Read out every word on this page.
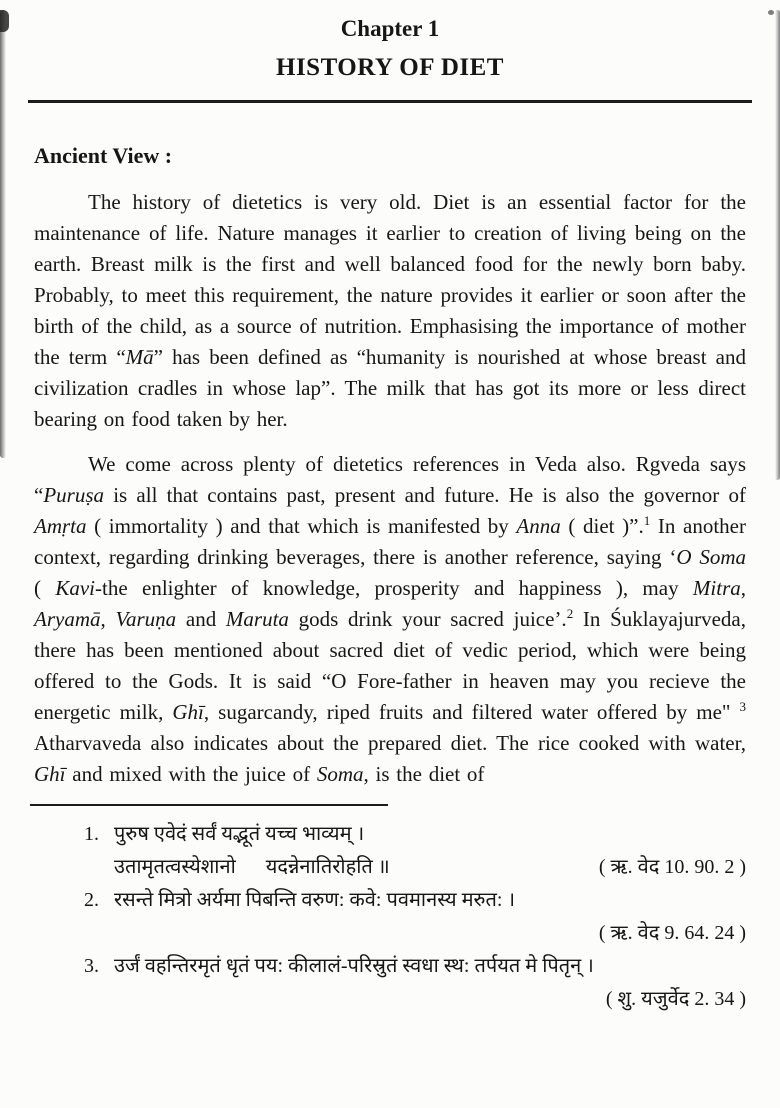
Chapter 1
HISTORY OF DIET
Ancient View :

The history of dietetics is very old. Diet is an essential factor for the maintenance of life. Nature manages it earlier to creation of living being on the earth. Breast milk is the first and well balanced food for the newly born baby. Probably, to meet this requirement, the nature provides it earlier or soon after the birth of the child, as a source of nutrition. Emphasising the importance of mother the term “Mā” has been defined as “humanity is nourished at whose breast and civilization cradles in whose lap”. The milk that has got its more or less direct bearing on food taken by her.

We come across plenty of dietetics references in Veda also. Rgveda says “Puruṣa is all that contains past, present and future. He is also the governor of Amṛta ( immortality ) and that which is manifested by Anna ( diet )”.$^1$ In another context, regarding drinking beverages, there is another reference, saying ‘O Soma ( Kavi-the enlighter of knowledge, prosperity and happiness ), may Mitra, Aryamā, Varuṇa and Maruta gods drink your sacred juice’.$^2$ In Śuklayajurveda, there has been mentioned about sacred diet of vedic period, which were being offered to the Gods. It is said “O Fore-father in heaven may you recieve the energetic milk, Ghī, sugarcandy, riped fruits and filtered water offered by me" $^3$ Atharvaveda also indicates about the prepared diet. The rice cooked with water, Ghī and mixed with the juice of Soma, is the diet of

1. पुरुष एवेदं सर्वं यद्भूतं यच्च भाव्यम् ।
उतामृतत्वस्येशानो      यदन्नेनातिरोहति ॥	( ऋ. वेद 10. 90. 2 )
2. रसन्ते मित्रो अर्यमा पिबन्ति वरुण: कवे: पवमानस्य मरुत: ।
( ऋ. वेद 9. 64. 24 )
3. उर्जं वहन्तिरमृतं धृतं पय: कीलालं-परिस्रुतं स्वधा स्थ: तर्पयत मे पितृन् ।
( शु. यजुर्वेद 2. 34 )
